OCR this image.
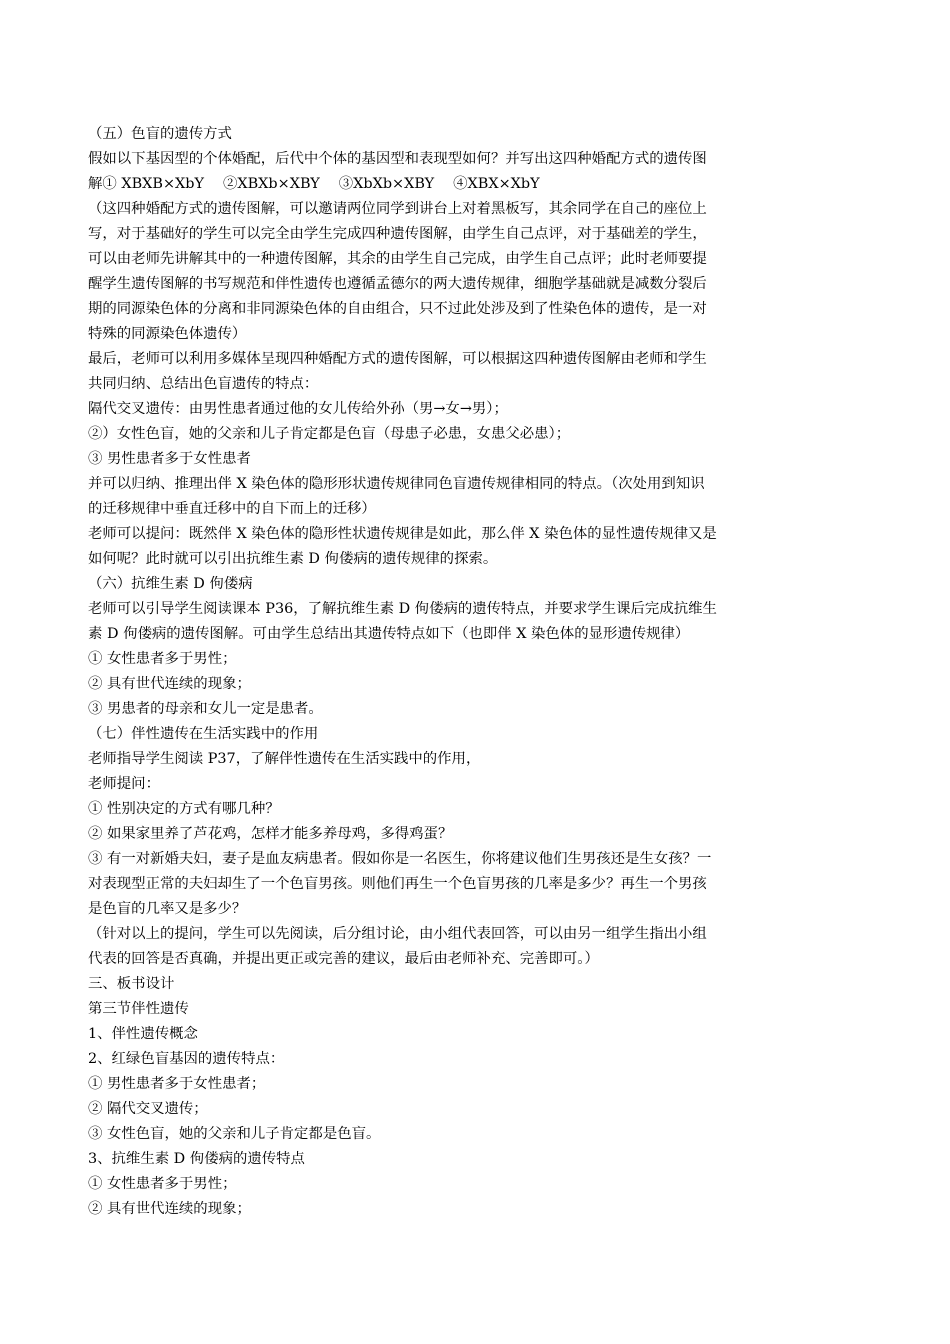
（五）色盲的遗传方式
假如以下基因型的个体婚配，后代中个体的基因型和表现型如何？并写出这四种婚配方式的遗传图
解① XBXB×XbY　 ②XBXb×XBY　 ③XbXb×XBY　 ④XBX×XbY
（这四种婚配方式的遗传图解，可以邀请两位同学到讲台上对着黑板写，其余同学在自己的座位上
写，对于基础好的学生可以完全由学生完成四种遗传图解，由学生自己点评，对于基础差的学生，
可以由老师先讲解其中的一种遗传图解，其余的由学生自己完成，由学生自己点评；此时老师要提
醒学生遗传图解的书写规范和伴性遗传也遵循孟德尔的两大遗传规律，细胞学基础就是减数分裂后
期的同源染色体的分离和非同源染色体的自由组合，只不过此处涉及到了性染色体的遗传，是一对
特殊的同源染色体遗传）
最后，老师可以利用多媒体呈现四种婚配方式的遗传图解，可以根据这四种遗传图解由老师和学生
共同归纳、总结出色盲遗传的特点：
隔代交叉遗传：由男性患者通过他的女儿传给外孙（男→女→男）；
②）女性色盲，她的父亲和儿子肯定都是色盲（母患子必患，女患父必患）；
③ 男性患者多于女性患者
并可以归纳、推理出伴 X 染色体的隐形形状遗传规律同色盲遗传规律相同的特点。（次处用到知识
的迁移规律中垂直迁移中的自下而上的迁移）
老师可以提问：既然伴 X 染色体的隐形性状遗传规律是如此，那么伴 X 染色体的显性遗传规律又是
如何呢？此时就可以引出抗维生素 D 佝偻病的遗传规律的探索。
（六）抗维生素 D 佝偻病
老师可以引导学生阅读课本 P36，了解抗维生素 D 佝偻病的遗传特点，并要求学生课后完成抗维生
素 D 佝偻病的遗传图解。可由学生总结出其遗传特点如下（也即伴 X 染色体的显形遗传规律）
① 女性患者多于男性；
② 具有世代连续的现象；
③ 男患者的母亲和女儿一定是患者。
（七）伴性遗传在生活实践中的作用
老师指导学生阅读 P37，了解伴性遗传在生活实践中的作用，
老师提问：
① 性别决定的方式有哪几种？
② 如果家里养了芦花鸡，怎样才能多养母鸡，多得鸡蛋？
③ 有一对新婚夫妇，妻子是血友病患者。假如你是一名医生，你将建议他们生男孩还是生女孩？一
对表现型正常的夫妇却生了一个色盲男孩。则他们再生一个色盲男孩的几率是多少？再生一个男孩
是色盲的几率又是多少？
（针对以上的提问，学生可以先阅读，后分组讨论，由小组代表回答，可以由另一组学生指出小组
代表的回答是否真确，并提出更正或完善的建议，最后由老师补充、完善即可。）
三、板书设计
第三节伴性遗传
1、伴性遗传概念
2、红绿色盲基因的遗传特点：
① 男性患者多于女性患者；
② 隔代交叉遗传；
③ 女性色盲，她的父亲和儿子肯定都是色盲。
3、抗维生素 D 佝偻病的遗传特点
① 女性患者多于男性；
② 具有世代连续的现象；
